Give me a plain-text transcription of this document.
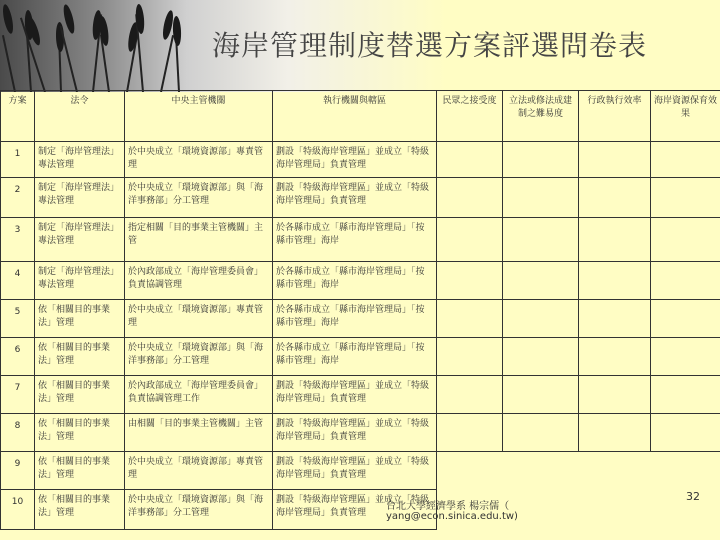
海岸管理制度替選方案評選問卷表
方案	法令	中央主管機關	執行機關與轄區	民眾之接受度	立法或修法成建制之難易度	行政執行效率	海岸資源保育效果
1	制定「海岸管理法」專法管理	於中央成立「環境資源部」專責管理	劃設「特級海岸管理區」並成立「特級海岸管理局」負責管理				
2	制定「海岸管理法」專法管理	於中央成立「環境資源部」與「海洋事務部」分工管理	劃設「特級海岸管理區」並成立「特級海岸管理局」負責管理				
3	制定「海岸管理法」專法管理	指定相關「目的事業主管機關」主管	於各縣市成立「縣市海岸管理局」「按縣市管理」海岸				
4	制定「海岸管理法」專法管理	於內政部成立「海岸管理委員會」負責協調管理	於各縣市成立「縣市海岸管理局」「按縣市管理」海岸				
5	依「相關目的事業法」管理	於中央成立「環境資源部」專責管理	於各縣市成立「縣市海岸管理局」「按縣市管理」海岸				
6	依「相關目的事業法」管理	於中央成立「環境資源部」與「海洋事務部」分工管理	於各縣市成立「縣市海岸管理局」「按縣市管理」海岸				
7	依「相關目的事業法」管理	於內政部成立「海岸管理委員會」負責協調管理工作	劃設「特級海岸管理區」並成立「特級海岸管理局」負責管理				
8	依「相關目的事業法」管理	由相關「目的事業主管機關」主管	劃設「特級海岸管理區」並成立「特級海岸管理局」負責管理				
9	依「相關目的事業法」管理	於中央成立「環境資源部」專責管理	劃設「特級海岸管理區」並成立「特級海岸管理局」負責管理				
10	依「相關目的事業法」管理	於中央成立「環境資源部」與「海洋事務部」分工管理	劃設「特級海岸管理區」並成立「特級海岸管理局」負責管理				
台北大學經濟學系 楊宗儒（
yang@econ.sinica.edu.tw)
32
